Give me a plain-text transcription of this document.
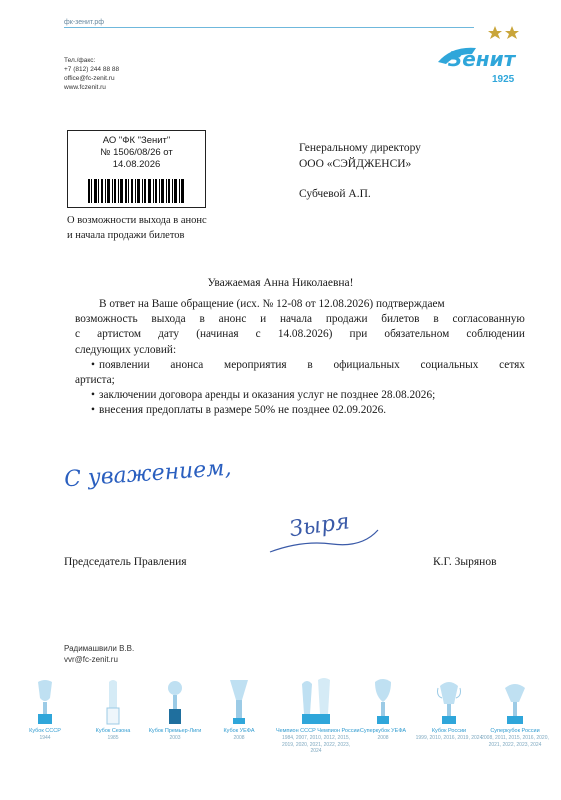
фк-зенит.рф
Тел./факс:
+7 (812) 244 88 88
office@fc-zenit.ru
www.fczenit.ru
Зенит
1925
АО "ФК "Зенит"
№ 1506/08/26 от
14.08.2026
О возможности выхода в анонс
и начала продажи билетов
Генеральному директору
ООО «СЭЙДЖЕНСИ»
Субчевой А.П.
Уважаемая Анна Николаевна!
В ответ на Ваше обращение (исх. № 12-08 от 12.08.2026) подтверждаем
возможность выхода в анонс и начала продажи билетов в согласованную
с артистом дату (начиная с 14.08.2026) при обязательном соблюдении
следующих условий:
• появлении анонса мероприятия в официальных социальных сетях
артиста;
• заключении договора аренды и оказания услуг не позднее 28.08.2026;
• внесения предоплаты в размере 50% не позднее 02.09.2026.
С уважением,
Зыря
Председатель Правления	К.Г. Зырянов
Радимашвили В.В.
vvr@fc-zenit.ru
Кубок СССР
1944
Кубок Сезона
1985
Кубок Премьер-Лиги
2003
Кубок УЕФА
2008
Чемпион СССР Чемпион России
1984, 2007, 2010, 2012, 2015, 2019, 2020, 2021, 2022, 2023, 2024
Суперкубок УЕФА
2008
Кубок России
1999, 2010, 2016, 2019, 2024
Суперкубок России
2008, 2011, 2015, 2016, 2020, 2021, 2022, 2023, 2024
